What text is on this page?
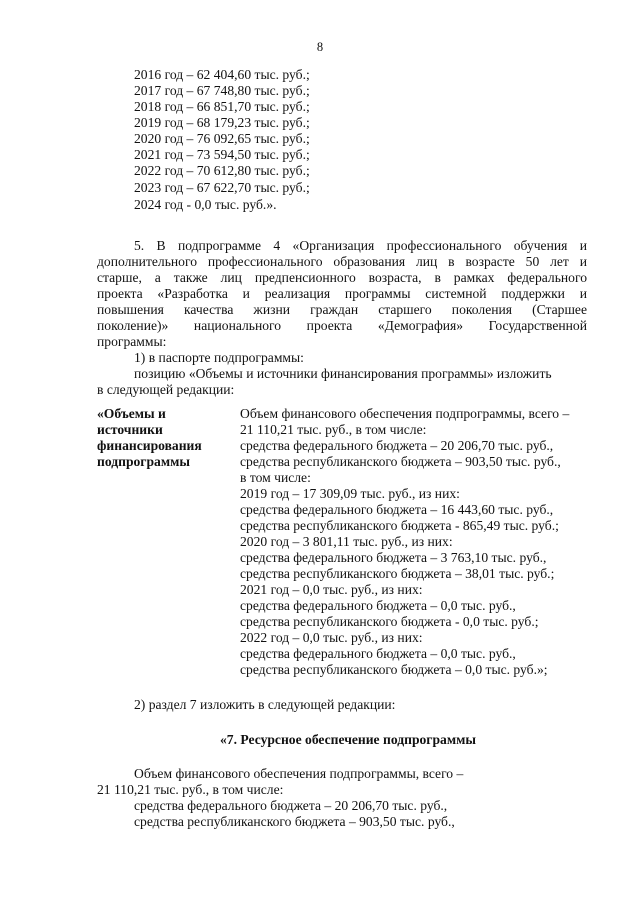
8
2016 год – 62 404,60 тыс. руб.;
2017 год – 67 748,80 тыс. руб.;
2018 год – 66 851,70 тыс. руб.;
2019 год – 68 179,23 тыс. руб.;
2020 год – 76 092,65 тыс. руб.;
2021 год – 73 594,50 тыс. руб.;
2022 год – 70 612,80 тыс. руб.;
2023 год – 67 622,70 тыс. руб.;
2024 год - 0,0 тыс. руб.».
5. В подпрограмме 4 «Организация профессионального обучения и
дополнительного профессионального образования лиц в возрасте 50 лет и
старше, а также лиц предпенсионного возраста, в рамках федерального
проекта «Разработка и реализация программы системной поддержки и
повышения качества жизни граждан старшего поколения (Старшее
поколение)» национального проекта «Демография» Государственной
программы:
1) в паспорте подпрограммы:
позицию «Объемы и источники финансирования программы» изложить
в следующей редакции:
«Объемы и
источники
финансирования
подпрограммы
Объем финансового обеспечения подпрограммы, всего –
21 110,21 тыс. руб., в том числе:
средства федерального бюджета – 20 206,70 тыс. руб.,
средства республиканского бюджета – 903,50 тыс. руб.,
в том числе:
2019 год – 17 309,09 тыс. руб., из них:
средства федерального бюджета – 16 443,60 тыс. руб.,
средства республиканского бюджета - 865,49 тыс. руб.;
2020 год – 3 801,11 тыс. руб., из них:
средства федерального бюджета – 3 763,10 тыс. руб.,
средства республиканского бюджета – 38,01 тыс. руб.;
2021 год – 0,0 тыс. руб., из них:
средства федерального бюджета – 0,0 тыс. руб.,
средства республиканского бюджета - 0,0 тыс. руб.;
2022 год – 0,0 тыс. руб., из них:
средства федерального бюджета – 0,0 тыс. руб.,
средства республиканского бюджета – 0,0 тыс. руб.»;
2) раздел 7 изложить в следующей редакции:
«7. Ресурсное обеспечение подпрограммы
Объем финансового обеспечения подпрограммы, всего –
21 110,21 тыс. руб., в том числе:
средства федерального бюджета – 20 206,70 тыс. руб.,
средства республиканского бюджета – 903,50 тыс. руб.,
